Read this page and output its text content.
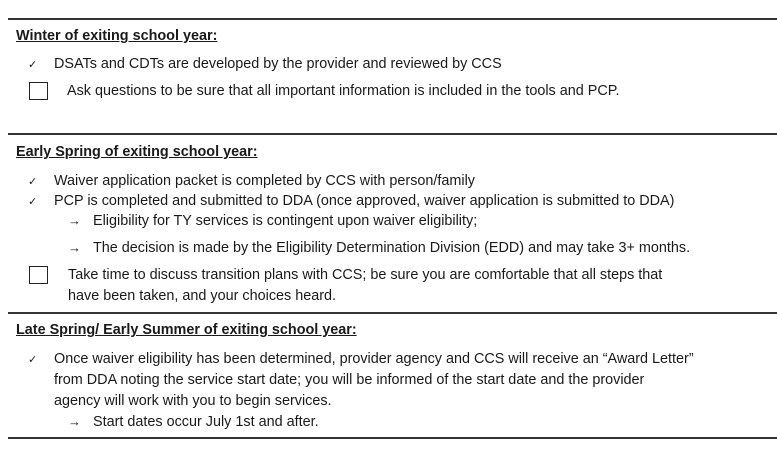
Winter of exiting school year:
✓ DSATs and CDTs are developed by the provider and reviewed by CCS
Ask questions to be sure that all important information is included in the tools and PCP.
Early Spring of exiting school year:
✓ Waiver application packet is completed by CCS with person/family
✓ PCP is completed and submitted to DDA (once approved, waiver application is submitted to DDA)
→ Eligibility for TY services is contingent upon waiver eligibility;
→ The decision is made by the Eligibility Determination Division (EDD) and may take 3+ months.
Take time to discuss transition plans with CCS; be sure you are comfortable that all steps that
have been taken, and your choices heard.
Late Spring/ Early Summer of exiting school year:
✓ Once waiver eligibility has been determined, provider agency and CCS will receive an “Award Letter”
from DDA noting the service start date; you will be informed of the start date and the provider
agency will work with you to begin services.
→ Start dates occur July 1st and after.
